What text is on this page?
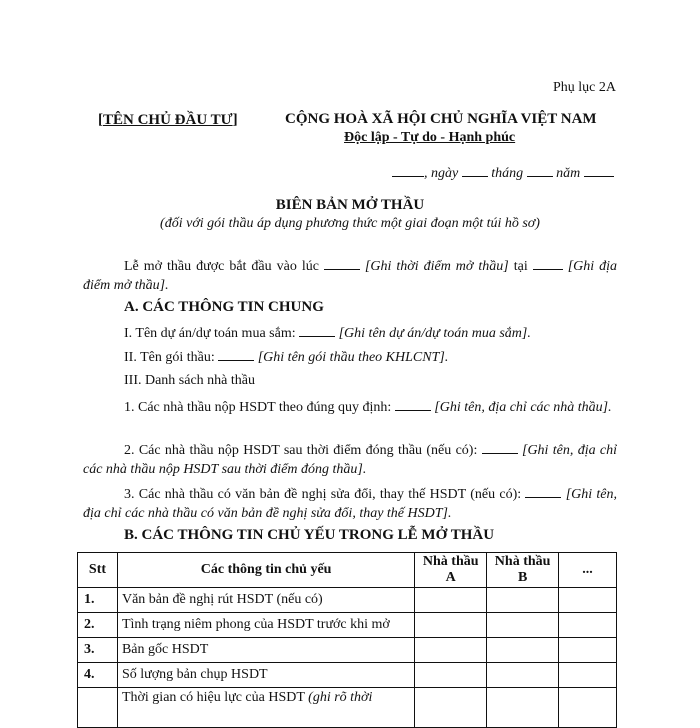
Phụ lục 2A
[TÊN CHỦ ĐẦU TƯ]	CỘNG HOÀ XÃ HỘI CHỦ NGHĨA VIỆT NAM
Độc lập - Tự do - Hạnh phúc
, ngày tháng năm
BIÊN BẢN MỞ THẦU
(đối với gói thầu áp dụng phương thức một giai đoạn một túi hồ sơ)
Lễ mở thầu được bắt đầu vào lúc	[Ghi thời điểm mở thầu] tại	[Ghi địa điểm mở thầu].
A. CÁC THÔNG TIN CHUNG
I. Tên dự án/dự toán mua sắm:	[Ghi tên dự án/dự toán mua sắm].
II. Tên gói thầu:	[Ghi tên gói thầu theo KHLCNT].
III. Danh sách nhà thầu
1. Các nhà thầu nộp HSDT theo đúng quy định:	[Ghi tên, địa chỉ các nhà thầu].
2. Các nhà thầu nộp HSDT sau thời điểm đóng thầu (nếu có):	[Ghi tên, địa chỉ các nhà thầu nộp HSDT sau thời điểm đóng thầu].
3. Các nhà thầu có văn bản đề nghị sửa đổi, thay thế HSDT (nếu có):	[Ghi tên, địa chỉ các nhà thầu có văn bản đề nghị sửa đổi, thay thế HSDT].
B. CÁC THÔNG TIN CHỦ YẾU TRONG LỄ MỞ THẦU
Stt	Các thông tin chủ yếu	Nhà thầu A	Nhà thầu B	...
1.	Văn bản đề nghị rút HSDT (nếu có)			
2.	Tình trạng niêm phong của HSDT trước khi mở			
3.	Bản gốc HSDT			
4.	Số lượng bản chụp HSDT			

	Thời gian có hiệu lực của HSDT (ghi rõ thời			
